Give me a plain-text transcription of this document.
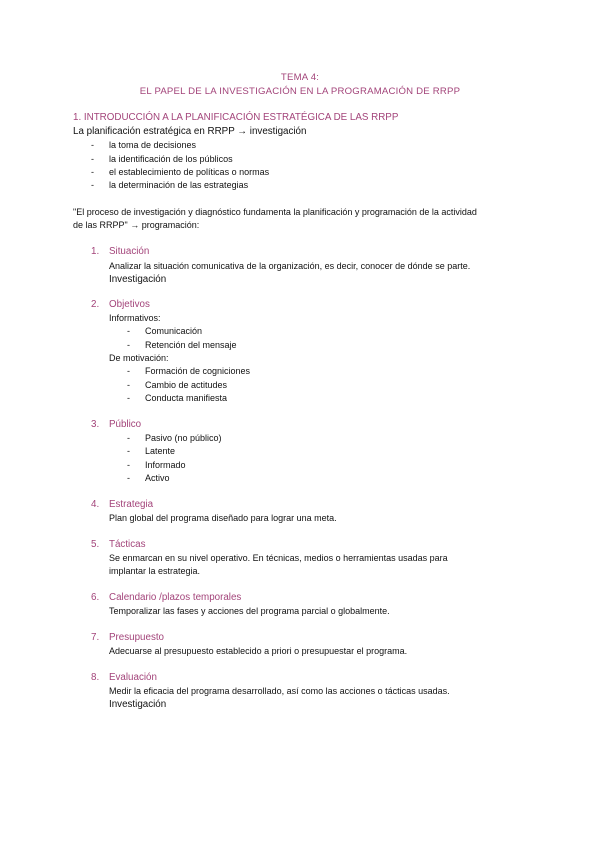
TEMA 4:
EL PAPEL DE LA INVESTIGACIÓN EN LA PROGRAMACIÓN DE RRPP
1. INTRODUCCIÓN A LA PLANIFICACIÓN ESTRATÉGICA DE LAS RRPP
La planificación estratégica en RRPP → investigación
- la toma de decisiones
- la identificación de los públicos
- el establecimiento de políticas o normas
- la determinación de las estrategias
"El proceso de investigación y diagnóstico fundamenta la planificación y programación de la actividad
de las RRPP" → programación:
1. Situación
Analizar la situación comunicativa de la organización, es decir, conocer de dónde se parte.
Investigación
2. Objetivos
Informativos:
- Comunicación
- Retención del mensaje
De motivación:
- Formación de cogniciones
- Cambio de actitudes
- Conducta manifiesta
3. Público
- Pasivo (no público)
- Latente
- Informado
- Activo
4. Estrategia
Plan global del programa diseñado para lograr una meta.
5. Tácticas
Se enmarcan en su nivel operativo. En técnicas, medios o herramientas usadas para
implantar la estrategia.
6. Calendario /plazos temporales
Temporalizar las fases y acciones del programa parcial o globalmente.
7. Presupuesto
Adecuarse al presupuesto establecido a priori o presupuestar el programa.
8. Evaluación
Medir la eficacia del programa desarrollado, así como las acciones o tácticas usadas.
Investigación
